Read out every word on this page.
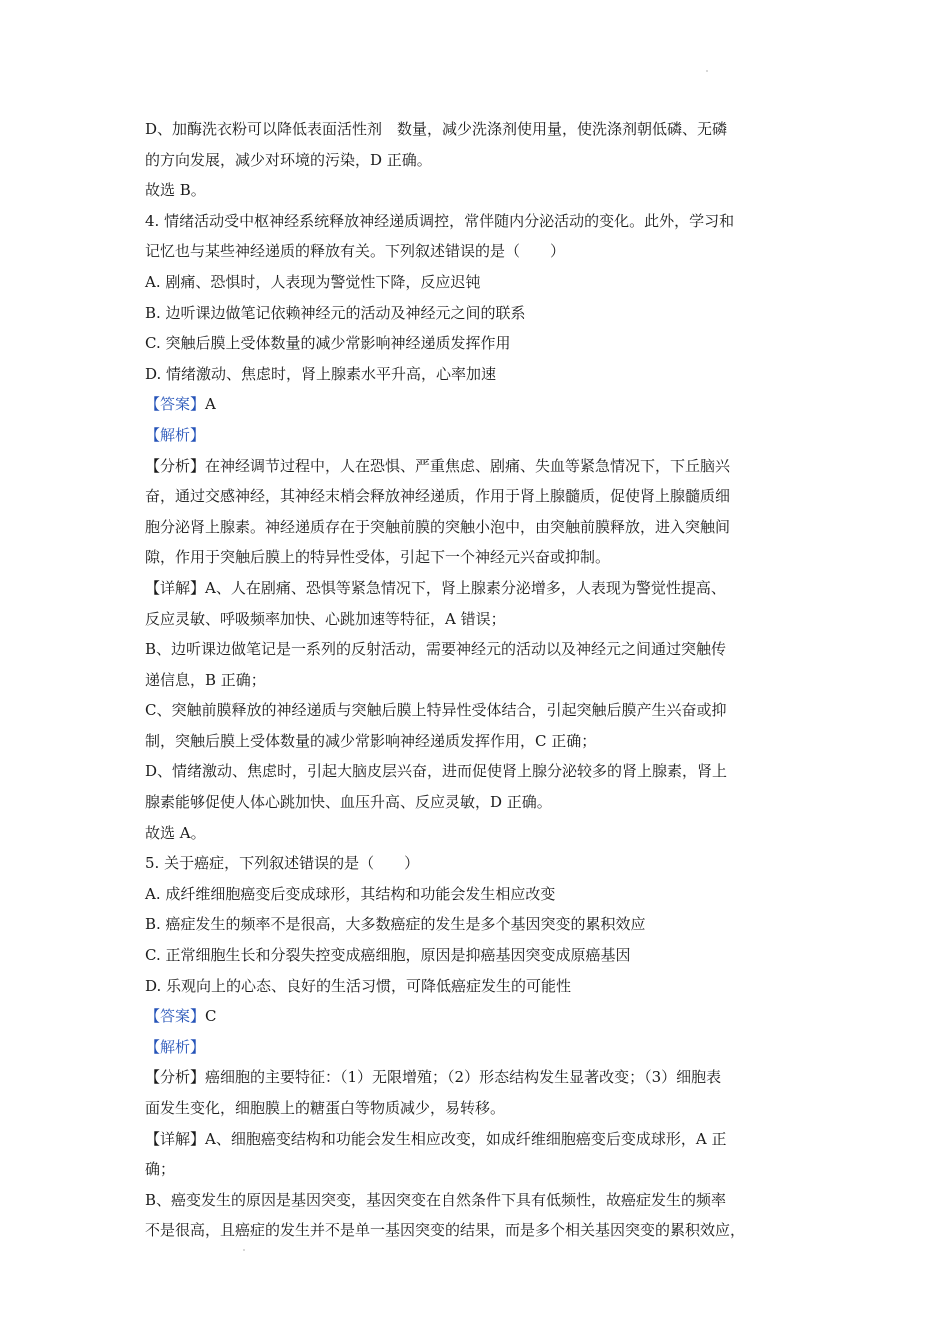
D、加酶洗衣粉可以降低表面活性剂　数量，减少洗涤剂使用量，使洗涤剂朝低磷、无磷
的方向发展，减少对环境的污染，D 正确。
故选 B。
4. 情绪活动受中枢神经系统释放神经递质调控，常伴随内分泌活动的变化。此外，学习和
记忆也与某些神经递质的释放有关。下列叙述错误的是（　　）
A. 剧痛、恐惧时，人表现为警觉性下降，反应迟钝
B. 边听课边做笔记依赖神经元的活动及神经元之间的联系
C. 突触后膜上受体数量的减少常影响神经递质发挥作用
D. 情绪激动、焦虑时，肾上腺素水平升高，心率加速
【答案】A
【解析】
【分析】在神经调节过程中，人在恐惧、严重焦虑、剧痛、失血等紧急情况下，下丘脑兴
奋，通过交感神经，其神经末梢会释放神经递质，作用于肾上腺髓质，促使肾上腺髓质细
胞分泌肾上腺素。神经递质存在于突触前膜的突触小泡中，由突触前膜释放，进入突触间
隙，作用于突触后膜上的特异性受体，引起下一个神经元兴奋或抑制。
【详解】A、人在剧痛、恐惧等紧急情况下，肾上腺素分泌增多，人表现为警觉性提高、
反应灵敏、呼吸频率加快、心跳加速等特征，A 错误；
B、边听课边做笔记是一系列的反射活动，需要神经元的活动以及神经元之间通过突触传
递信息，B 正确；
C、突触前膜释放的神经递质与突触后膜上特异性受体结合，引起突触后膜产生兴奋或抑
制，突触后膜上受体数量的减少常影响神经递质发挥作用，C 正确；
D、情绪激动、焦虑时，引起大脑皮层兴奋，进而促使肾上腺分泌较多的肾上腺素，肾上
腺素能够促使人体心跳加快、血压升高、反应灵敏，D 正确。
故选 A。
5. 关于癌症，下列叙述错误的是（　　）
A. 成纤维细胞癌变后变成球形，其结构和功能会发生相应改变
B. 癌症发生的频率不是很高，大多数癌症的发生是多个基因突变的累积效应
C. 正常细胞生长和分裂失控变成癌细胞，原因是抑癌基因突变成原癌基因
D. 乐观向上的心态、良好的生活习惯，可降低癌症发生的可能性
【答案】C
【解析】
【分析】癌细胞的主要特征：（1）无限增殖；（2）形态结构发生显著改变；（3）细胞表
面发生变化，细胞膜上的糖蛋白等物质减少，易转移。
【详解】A、细胞癌变结构和功能会发生相应改变，如成纤维细胞癌变后变成球形，A 正
确；
B、癌变发生的原因是基因突变，基因突变在自然条件下具有低频性，故癌症发生的频率
不是很高，且癌症的发生并不是单一基因突变的结果，而是多个相关基因突变的累积效应，
